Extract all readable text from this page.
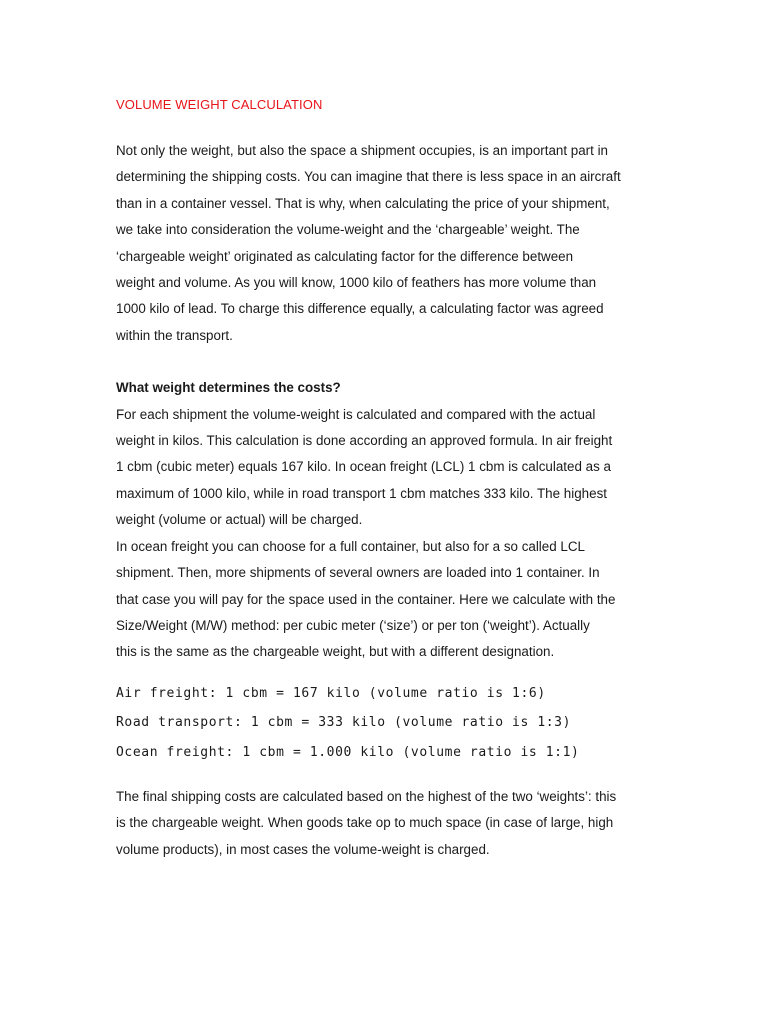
VOLUME WEIGHT CALCULATION
Not only the weight, but also the space a shipment occupies, is an important part in
determining the shipping costs. You can imagine that there is less space in an aircraft
than in a container vessel. That is why, when calculating the price of your shipment,
we take into consideration the volume-weight and the ‘chargeable’ weight. The
‘chargeable weight’ originated as calculating factor for the difference between
weight and volume. As you will know, 1000 kilo of feathers has more volume than
1000 kilo of lead. To charge this difference equally, a calculating factor was agreed
within the transport.
What weight determines the costs?
For each shipment the volume-weight is calculated and compared with the actual
weight in kilos. This calculation is done according an approved formula. In air freight
1 cbm (cubic meter) equals 167 kilo. In ocean freight (LCL) 1 cbm is calculated as a
maximum of 1000 kilo, while in road transport 1 cbm matches 333 kilo. The highest
weight (volume or actual) will be charged.
In ocean freight you can choose for a full container, but also for a so called LCL
shipment. Then, more shipments of several owners are loaded into 1 container. In
that case you will pay for the space used in the container. Here we calculate with the
Size/Weight (M/W) method: per cubic meter (‘size’) or per ton (‘weight’). Actually
this is the same as the chargeable weight, but with a different designation.
Air freight: 1 cbm = 167 kilo (volume ratio is 1:6)
Road transport: 1 cbm = 333 kilo (volume ratio is 1:3)
Ocean freight: 1 cbm = 1.000 kilo (volume ratio is 1:1)
The final shipping costs are calculated based on the highest of the two ‘weights’: this
is the chargeable weight. When goods take op to much space (in case of large, high
volume products), in most cases the volume-weight is charged.
